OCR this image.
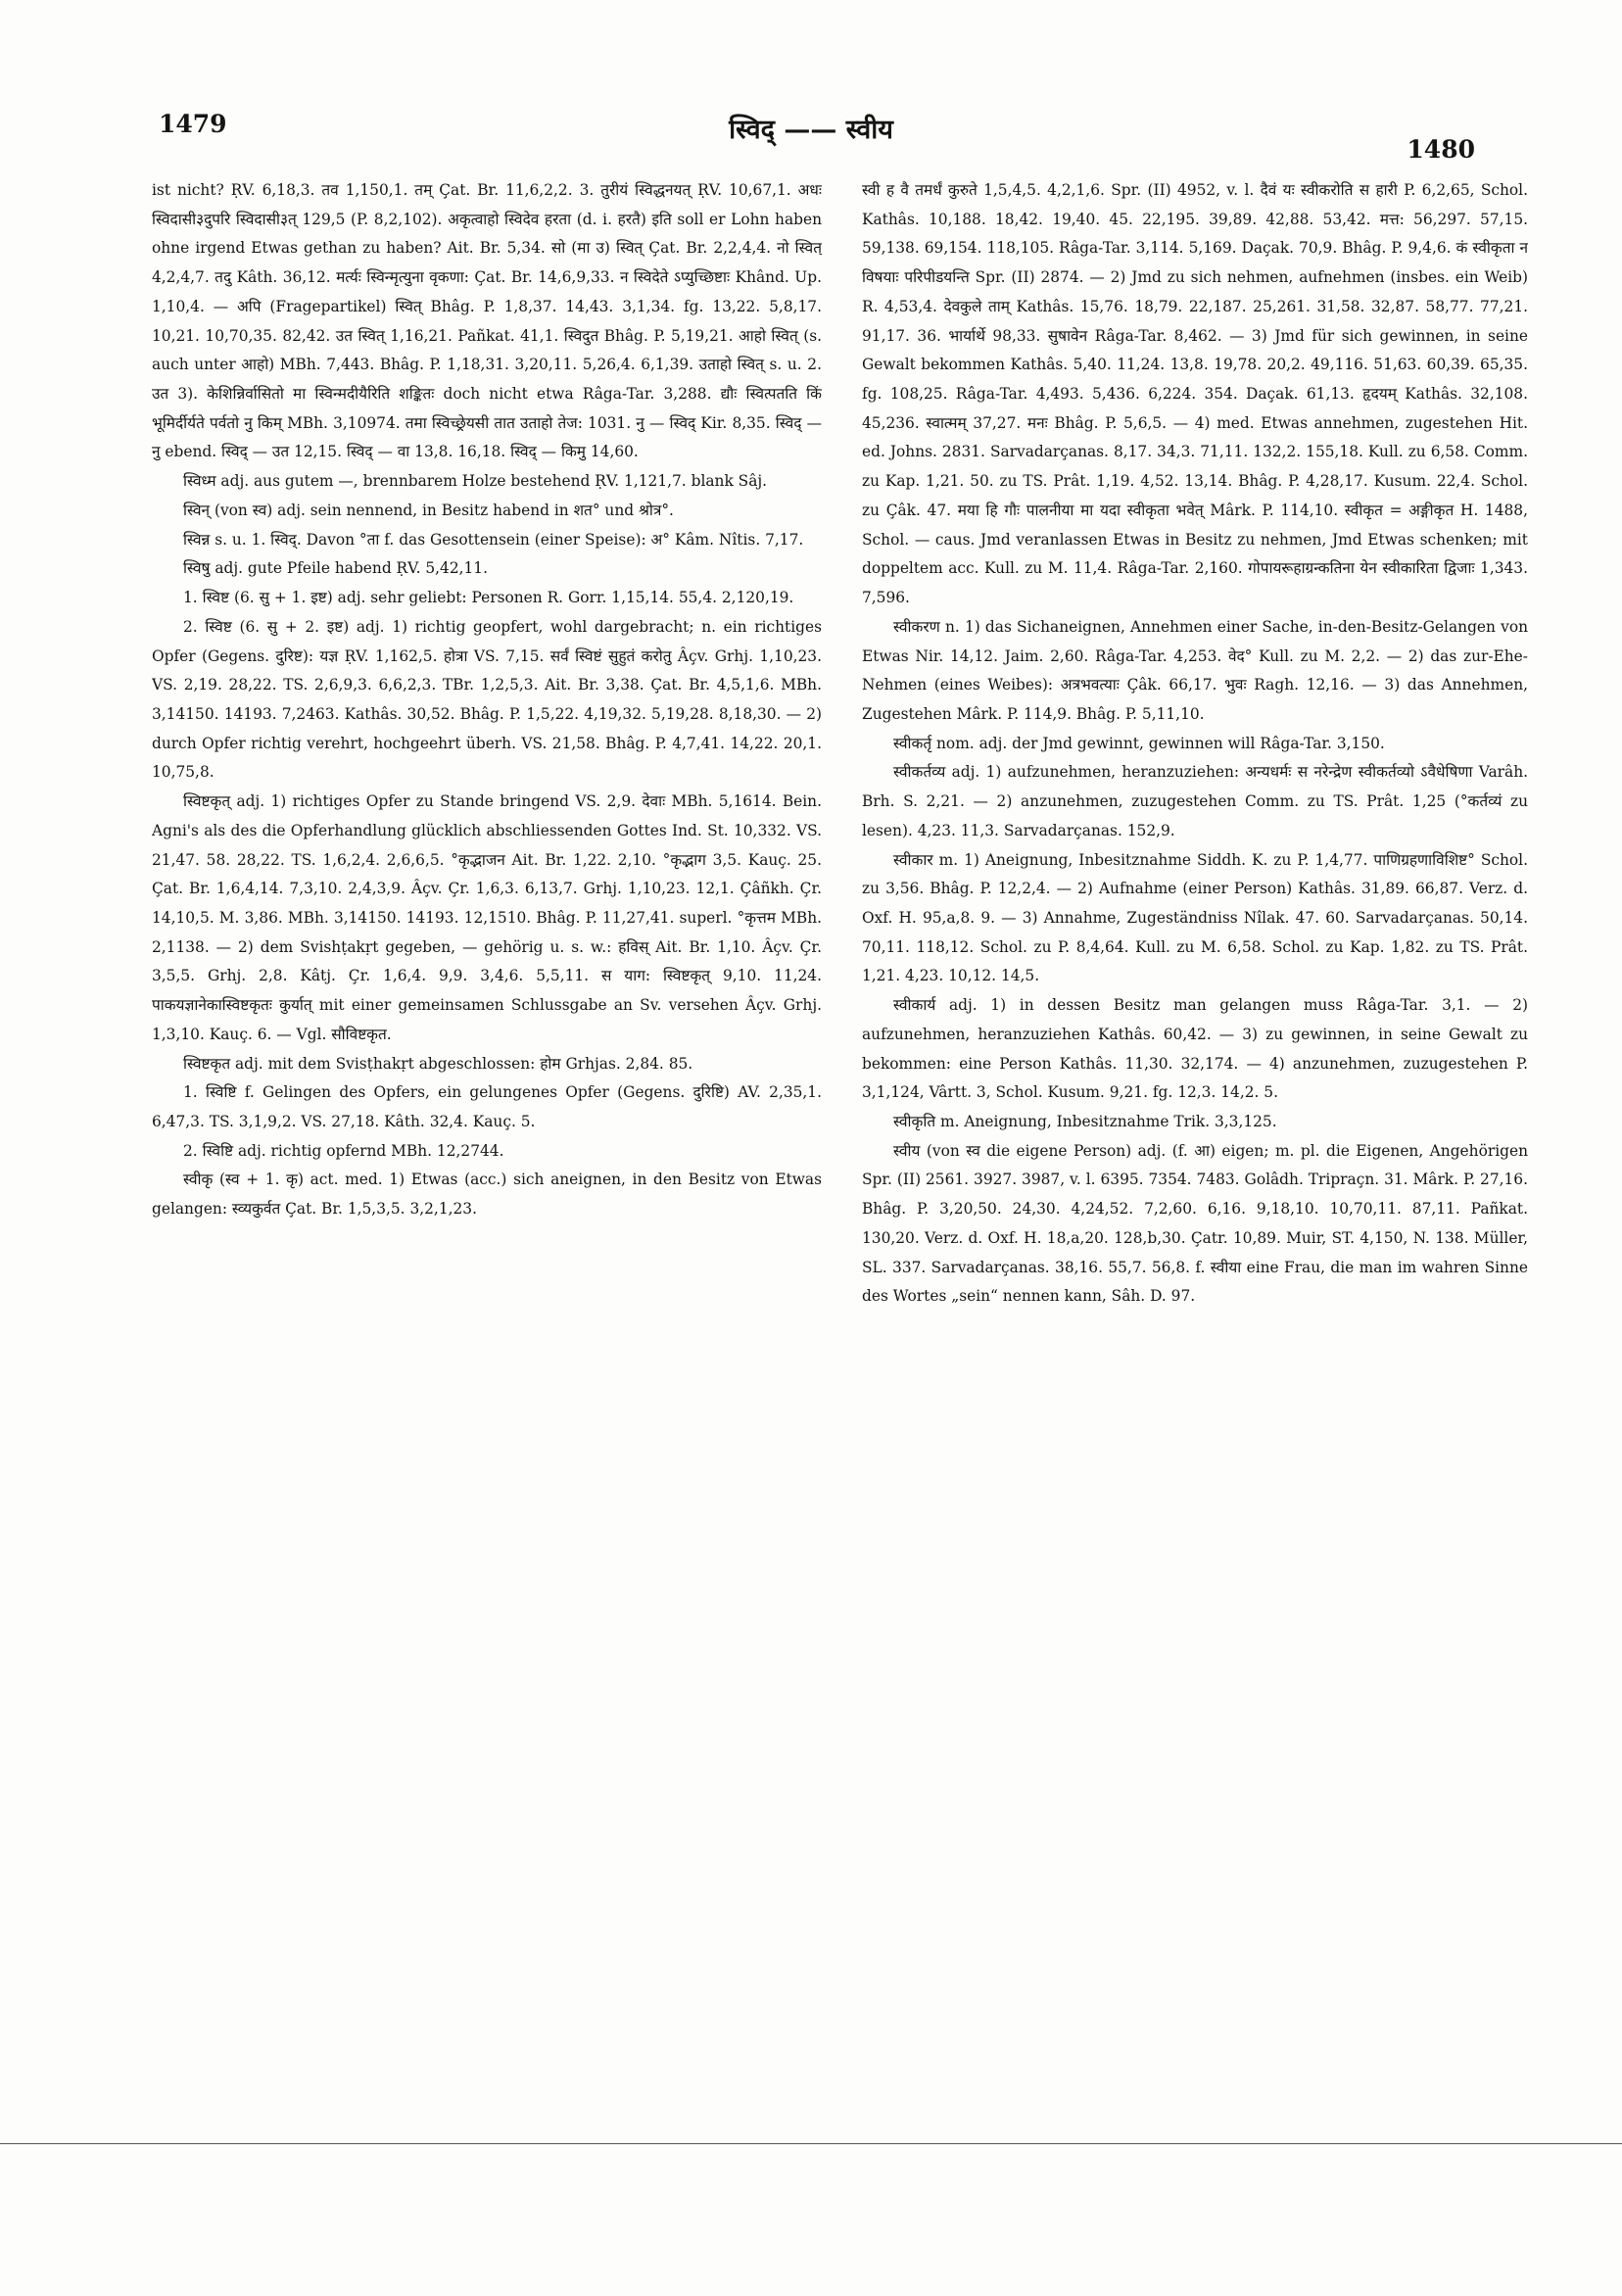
1479	स्विद् —— स्वीय
1480

ist nicht? ṚV. 6,18,3. तव 1,150,1. तम् Çat. Br. 11,6,2,2. 3. तुरीयं स्विद्धनयत् ṚV. 10,67,1. अधः स्विदासी३दुपरि स्विदासी३त् 129,5 (P. 8,2,102). अकृत्वाहो स्विदेव हरता (d. i. हरतै) इति soll er Lohn haben ohne irgend Etwas gethan zu haben? Ait. Br. 5,34. सो (मा उ) स्वित् Çat. Br. 2,2,4,4. नो स्वित् 4,2,4,7. तदु Kâth. 36,12. मर्त्यः स्विन्मृत्युना वृकणा: Çat. Br. 14,6,9,33. न स्विदेते ऽप्युच्छिष्टाः Khând. Up. 1,10,4. — अपि (Fragepartikel) स्वित् Bhâg. P. 1,8,37. 14,43. 3,1,34. fg. 13,22. 5,8,17. 10,21. 10,70,35. 82,42. उत स्वित् 1,16,21. Pañkat. 41,1. स्विदुत Bhâg. P. 5,19,21. आहो स्वित् (s. auch unter आहो) MBh. 7,443. Bhâg. P. 1,18,31. 3,20,11. 5,26,4. 6,1,39. उताहो स्वित् s. u. 2. उत 3). केशिन्निर्वासितो मा स्विन्मदीयैरिति शङ्कितः doch nicht etwa Râga-Tar. 3,288. द्यौः स्वित्पतति किं भूमिर्दीर्यते पर्वतो नु किम् MBh. 3,10974. तमा स्विच्छ्रेयसी तात उताहो तेज: 1031. नु — स्विद् Kir. 8,35. स्विद् — नु ebend. स्विद् — उत 12,15. स्विद् — वा 13,8. 16,18. स्विद् — किमु 14,60.

स्विध्म adj. aus gutem —, brennbarem Holze bestehend ṚV. 1,121,7. blank Sâj.

स्विन् (von स्व) adj. sein nennend, in Besitz habend in शत° und श्रोत्र°.

स्विन्न s. u. 1. स्विद्. Davon °ता f. das Gesottensein (einer Speise): अ° Kâm. Nîtis. 7,17.

स्विषु adj. gute Pfeile habend ṚV. 5,42,11.

1. स्विष्ट (6. सु + 1. इष्ट) adj. sehr geliebt: Personen R. Gorr. 1,15,14. 55,4. 2,120,19.

2. स्विष्ट (6. सु + 2. इष्ट) adj. 1) richtig geopfert, wohl dargebracht; n. ein richtiges Opfer (Gegens. दुरिष्ट): यज्ञ ṚV. 1,162,5. होत्रा VS. 7,15. सर्वं स्विष्टं सुहुतं करोतु Âçv. Grhj. 1,10,23. VS. 2,19. 28,22. TS. 2,6,9,3. 6,6,2,3. TBr. 1,2,5,3. Ait. Br. 3,38. Çat. Br. 4,5,1,6. MBh. 3,14150. 14193. 7,2463. Kathâs. 30,52. Bhâg. P. 1,5,22. 4,19,32. 5,19,28. 8,18,30. — 2) durch Opfer richtig verehrt, hochgeehrt überh. VS. 21,58. Bhâg. P. 4,7,41. 14,22. 20,1. 10,75,8.

स्विष्टकृत् adj. 1) richtiges Opfer zu Stande bringend VS. 2,9. देवाः MBh. 5,1614. Bein. Agni's als des die Opferhandlung glücklich abschliessenden Gottes Ind. St. 10,332. VS. 21,47. 58. 28,22. TS. 1,6,2,4. 2,6,6,5. °कृद्भाजन Ait. Br. 1,22. 2,10. °कृद्भाग 3,5. Kauç. 25. Çat. Br. 1,6,4,14. 7,3,10. 2,4,3,9. Âçv. Çr. 1,6,3. 6,13,7. Grhj. 1,10,23. 12,1. Çâñkh. Çr. 14,10,5. M. 3,86. MBh. 3,14150. 14193. 12,1510. Bhâg. P. 11,27,41. superl. °कृत्तम MBh. 2,1138. — 2) dem Svishṭakṛt gegeben, — gehörig u. s. w.: हविस् Ait. Br. 1,10. Âçv. Çr. 3,5,5. Grhj. 2,8. Kâtj. Çr. 1,6,4. 9,9. 3,4,6. 5,5,11. स याग: स्विष्टकृत् 9,10. 11,24. पाकयज्ञानेकास्विष्टकृतः कुर्यात् mit einer gemeinsamen Schlussgabe an Sv. versehen Âçv. Grhj. 1,3,10. Kauç. 6. — Vgl. सौविष्टकृत.

स्विष्टकृत adj. mit dem Svisṭhakṛt abgeschlossen: होम Grhjas. 2,84. 85.

1. स्विष्टि f. Gelingen des Opfers, ein gelungenes Opfer (Gegens. दुरिष्टि) AV. 2,35,1. 6,47,3. TS. 3,1,9,2. VS. 27,18. Kâth. 32,4. Kauç. 5.

2. स्विष्टि adj. richtig opfernd MBh. 12,2744.

स्वीकृ (स्व + 1. कृ) act. med. 1) Etwas (acc.) sich aneignen, in den Besitz von Etwas gelangen: स्व्यकुर्वत Çat. Br. 1,5,3,5. 3,2,1,23.

स्वी ह वै तमर्धं कुरुते 1,5,4,5. 4,2,1,6. Spr. (II) 4952, v. l. दैवं यः स्वीकरोति स हारी P. 6,2,65, Schol. Kathâs. 10,188. 18,42. 19,40. 45. 22,195. 39,89. 42,88. 53,42. मत्त: 56,297. 57,15. 59,138. 69,154. 118,105. Râga-Tar. 3,114. 5,169. Daçak. 70,9. Bhâg. P. 9,4,6. कं स्वीकृता न विषयाः परिपीडयन्ति Spr. (II) 2874. — 2) Jmd zu sich nehmen, aufnehmen (insbes. ein Weib) R. 4,53,4. देवकुले ताम् Kathâs. 15,76. 18,79. 22,187. 25,261. 31,58. 32,87. 58,77. 77,21. 91,17. 36. भार्यार्थे 98,33. सुषावेन Râga-Tar. 8,462. — 3) Jmd für sich gewinnen, in seine Gewalt bekommen Kathâs. 5,40. 11,24. 13,8. 19,78. 20,2. 49,116. 51,63. 60,39. 65,35. fg. 108,25. Râga-Tar. 4,493. 5,436. 6,224. 354. Daçak. 61,13. हृदयम् Kathâs. 32,108. 45,236. स्वात्मम् 37,27. मनः Bhâg. P. 5,6,5. — 4) med. Etwas annehmen, zugestehen Hit. ed. Johns. 2831. Sarvadarçanas. 8,17. 34,3. 71,11. 132,2. 155,18. Kull. zu 6,58. Comm. zu Kap. 1,21. 50. zu TS. Prât. 1,19. 4,52. 13,14. Bhâg. P. 4,28,17. Kusum. 22,4. Schol. zu Çâk. 47. मया हि गौः पालनीया मा यदा स्वीकृता भवेत् Mârk. P. 114,10. स्वीकृत = अङ्गीकृत H. 1488, Schol. — caus. Jmd veranlassen Etwas in Besitz zu nehmen, Jmd Etwas schenken; mit doppeltem acc. Kull. zu M. 11,4. Râga-Tar. 2,160. गोपायरूहाग्रन्कतिना येन स्वीकारिता द्विजाः 1,343. 7,596.

स्वीकरण n. 1) das Sichaneignen, Annehmen einer Sache, in-den-Besitz-Gelangen von Etwas Nir. 14,12. Jaim. 2,60. Râga-Tar. 4,253. वेद° Kull. zu M. 2,2. — 2) das zur-Ehe-Nehmen (eines Weibes): अत्रभवत्याः Çâk. 66,17. भुवः Ragh. 12,16. — 3) das Annehmen, Zugestehen Mârk. P. 114,9. Bhâg. P. 5,11,10.

स्वीकर्तृ nom. adj. der Jmd gewinnt, gewinnen will Râga-Tar. 3,150.

स्वीकर्तव्य adj. 1) aufzunehmen, heranzuziehen: अन्यधर्मः स नरेन्द्रेण स्वीकर्तव्यो ऽवैधेषिणा Varâh. Brh. S. 2,21. — 2) anzunehmen, zuzugestehen Comm. zu TS. Prât. 1,25 (°कर्तव्यं zu lesen). 4,23. 11,3. Sarvadarçanas. 152,9.

स्वीकार m. 1) Aneignung, Inbesitznahme Siddh. K. zu P. 1,4,77. पाणिग्रहणाविशिष्ट° Schol. zu 3,56. Bhâg. P. 12,2,4. — 2) Aufnahme (einer Person) Kathâs. 31,89. 66,87. Verz. d. Oxf. H. 95,a,8. 9. — 3) Annahme, Zugeständniss Nîlak. 47. 60. Sarvadarçanas. 50,14. 70,11. 118,12. Schol. zu P. 8,4,64. Kull. zu M. 6,58. Schol. zu Kap. 1,82. zu TS. Prât. 1,21. 4,23. 10,12. 14,5.

स्वीकार्य adj. 1) in dessen Besitz man gelangen muss Râga-Tar. 3,1. — 2) aufzunehmen, heranzuziehen Kathâs. 60,42. — 3) zu gewinnen, in seine Gewalt zu bekommen: eine Person Kathâs. 11,30. 32,174. — 4) anzunehmen, zuzugestehen P. 3,1,124, Vârtt. 3, Schol. Kusum. 9,21. fg. 12,3. 14,2. 5.

स्वीकृति m. Aneignung, Inbesitznahme Trik. 3,3,125.

स्वीय (von स्व die eigene Person) adj. (f. आ) eigen; m. pl. die Eigenen, Angehörigen Spr. (II) 2561. 3927. 3987, v. l. 6395. 7354. 7483. Golâdh. Tripraçn. 31. Mârk. P. 27,16. Bhâg. P. 3,20,50. 24,30. 4,24,52. 7,2,60. 6,16. 9,18,10. 10,70,11. 87,11. Pañkat. 130,20. Verz. d. Oxf. H. 18,a,20. 128,b,30. Çatr. 10,89. Muir, ST. 4,150, N. 138. Müller, SL. 337. Sarvadarçanas. 38,16. 55,7. 56,8. f. स्वीया eine Frau, die man im wahren Sinne des Wortes „sein“ nennen kann, Sâh. D. 97.
